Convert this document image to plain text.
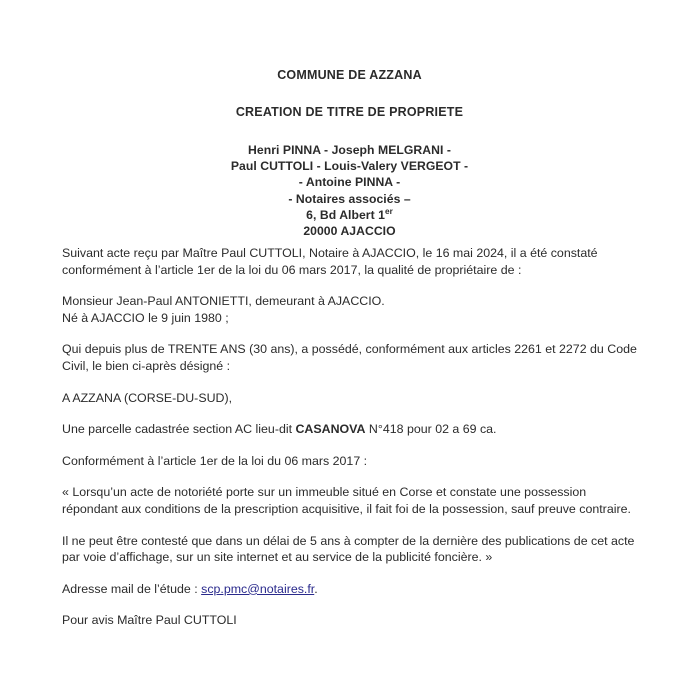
COMMUNE DE AZZANA

CREATION DE TITRE DE PROPRIETE

Henri PINNA - Joseph MELGRANI -

Paul CUTTOLI - Louis-Valery VERGEOT -

- Antoine PINNA -

- Notaires associés –

6, Bd Albert 1er

20000 AJACCIO

Suivant acte reçu par Maître Paul CUTTOLI, Notaire à AJACCIO, le 16 mai 2024, il a été constaté conformément à l’article 1er de la loi du 06 mars 2017, la qualité de propriétaire de :

Monsieur Jean-Paul ANTONIETTI, demeurant à AJACCIO.
Né à AJACCIO le 9 juin 1980 ;

Qui depuis plus de TRENTE ANS (30 ans), a possédé, conformément aux articles 2261 et 2272 du Code Civil, le bien ci-après désigné :

A AZZANA (CORSE-DU-SUD),

Une parcelle cadastrée section AC lieu-dit CASANOVA N°418 pour 02 a 69 ca.

Conformément à l’article 1er de la loi du 06 mars 2017 :

« Lorsqu’un acte de notoriété porte sur un immeuble situé en Corse et constate une possession répondant aux conditions de la prescription acquisitive, il fait foi de la possession, sauf preuve contraire.

Il ne peut être contesté que dans un délai de 5 ans à compter de la dernière des publications de cet acte par voie d’affichage, sur un site internet et au service de la publicité foncière. »

Adresse mail de l’étude : scp.pmc@notaires.fr.

Pour avis Maître Paul CUTTOLI
